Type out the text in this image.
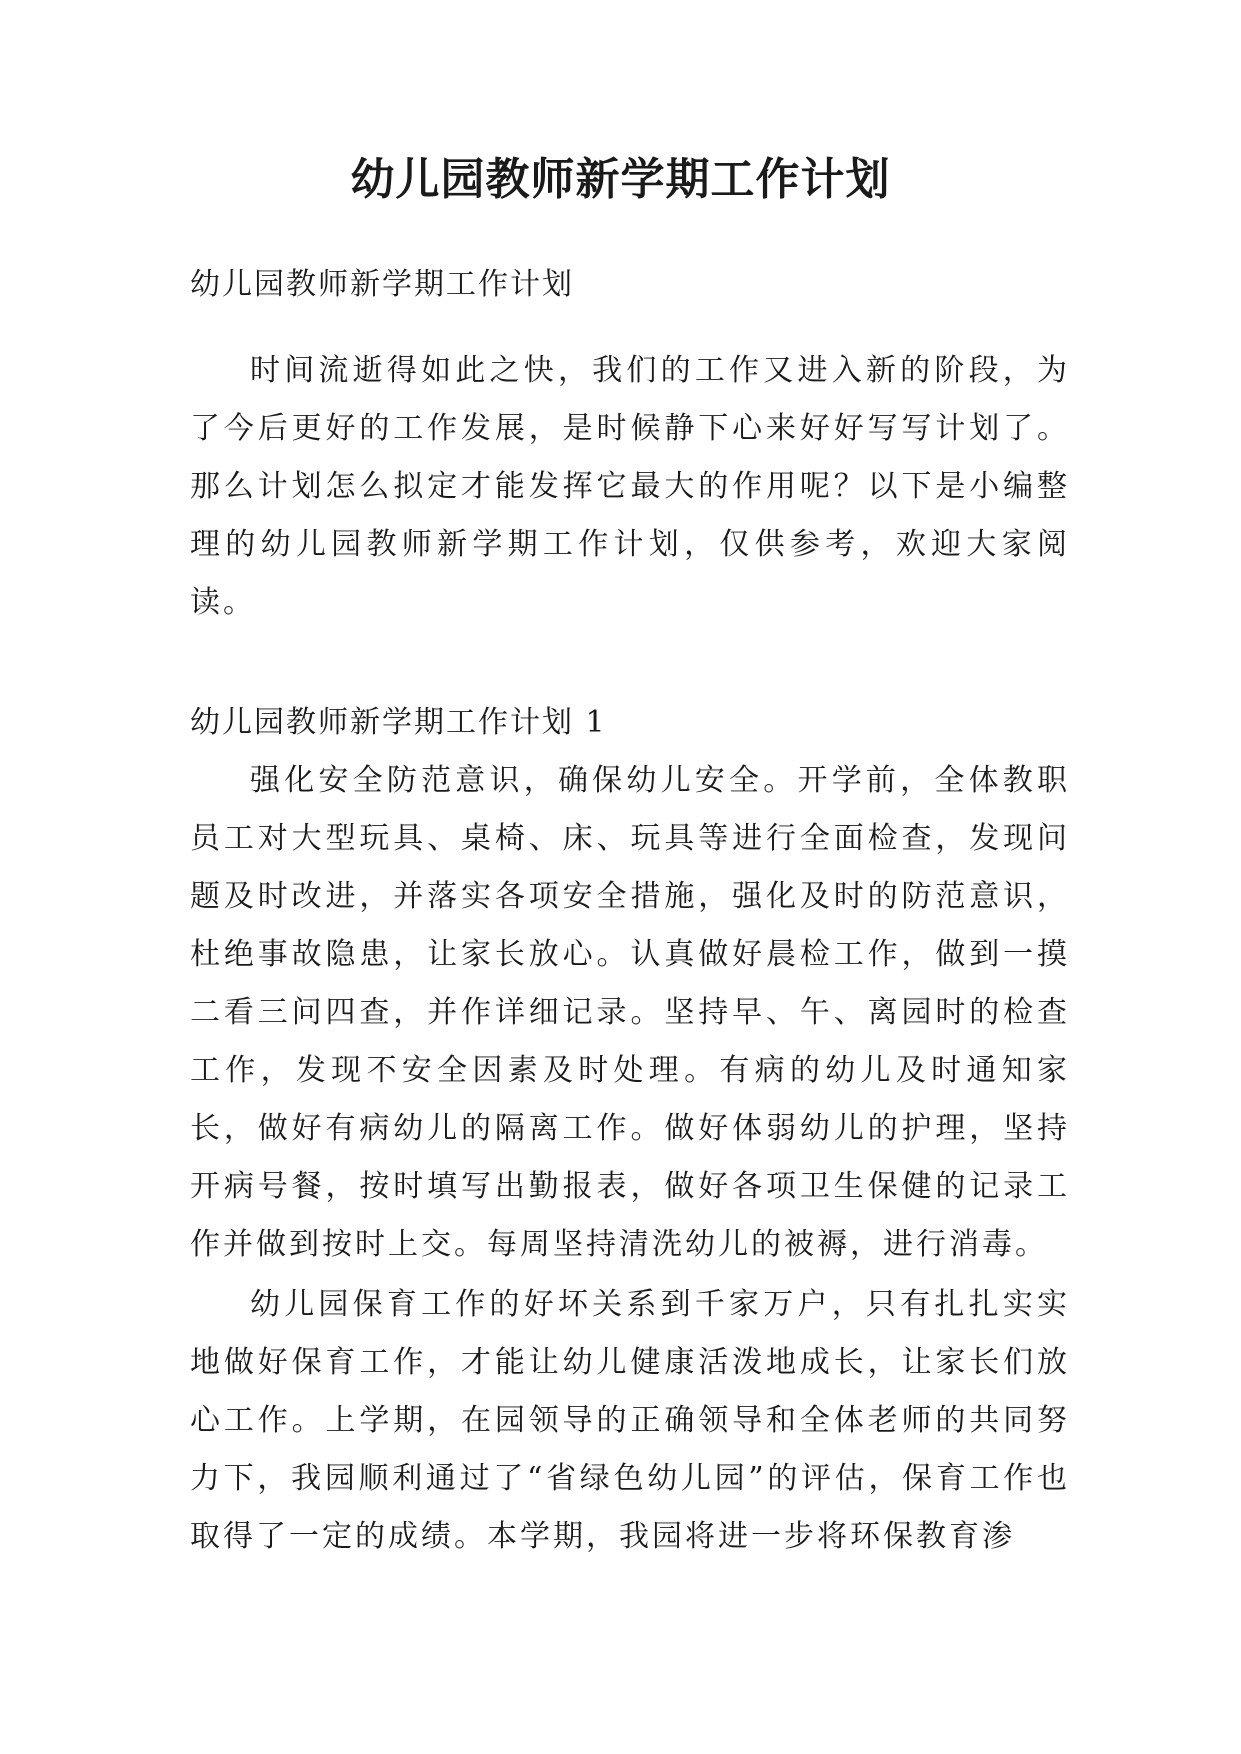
幼儿园教师新学期工作计划

幼儿园教师新学期工作计划

时间流逝得如此之快，我们的工作又进入新的阶段，为了今后更好的工作发展，是时候静下心来好好写写计划了。那么计划怎么拟定才能发挥它最大的作用呢？以下是小编整理的幼儿园教师新学期工作计划，仅供参考，欢迎大家阅读。

幼儿园教师新学期工作计划 1

强化安全防范意识，确保幼儿安全。开学前，全体教职员工对大型玩具、桌椅、床、玩具等进行全面检查，发现问题及时改进，并落实各项安全措施，强化及时的防范意识，杜绝事故隐患，让家长放心。认真做好晨检工作，做到一摸二看三问四查，并作详细记录。坚持早、午、离园时的检查工作，发现不安全因素及时处理。有病的幼儿及时通知家长，做好有病幼儿的隔离工作。做好体弱幼儿的护理，坚持开病号餐，按时填写出勤报表，做好各项卫生保健的记录工作并做到按时上交。每周坚持清洗幼儿的被褥，进行消毒。

幼儿园保育工作的好坏关系到千家万户，只有扎扎实实地做好保育工作，才能让幼儿健康活泼地成长，让家长们放心工作。上学期，在园领导的正确领导和全体老师的共同努力下，我园顺利通过了“省绿色幼儿园”的评估，保育工作也取得了一定的成绩。本学期，我园将进一步将环保教育渗
